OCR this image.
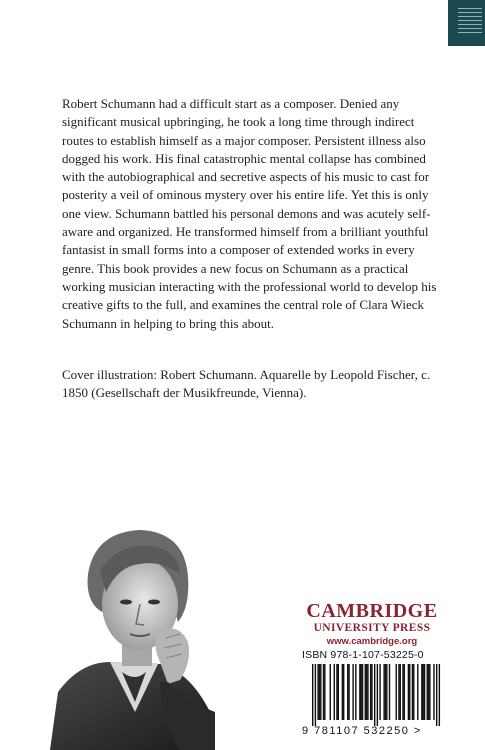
Robert Schumann had a difficult start as a composer. Denied any significant musical upbringing, he took a long time through indirect routes to establish himself as a major composer. Persistent illness also dogged his work. His final catastrophic mental collapse has combined with the autobiographical and secretive aspects of his music to cast for posterity a veil of ominous mystery over his entire life. Yet this is only one view. Schumann battled his personal demons and was acutely self-aware and organized. He transformed himself from a brilliant youthful fantasist in small forms into a composer of extended works in every genre. This book provides a new focus on Schumann as a practical working musician interacting with the professional world to develop his creative gifts to the full, and examines the central role of Clara Wieck Schumann in helping to bring this about.

Cover illustration: Robert Schumann. Aquarelle by Leopold Fischer, c. 1850 (Gesellschaft der Musikfreunde, Vienna).

CAMBRIDGE
UNIVERSITY PRESS
www.cambridge.org
ISBN 978-1-107-53225-0
9 781107 532250 >
